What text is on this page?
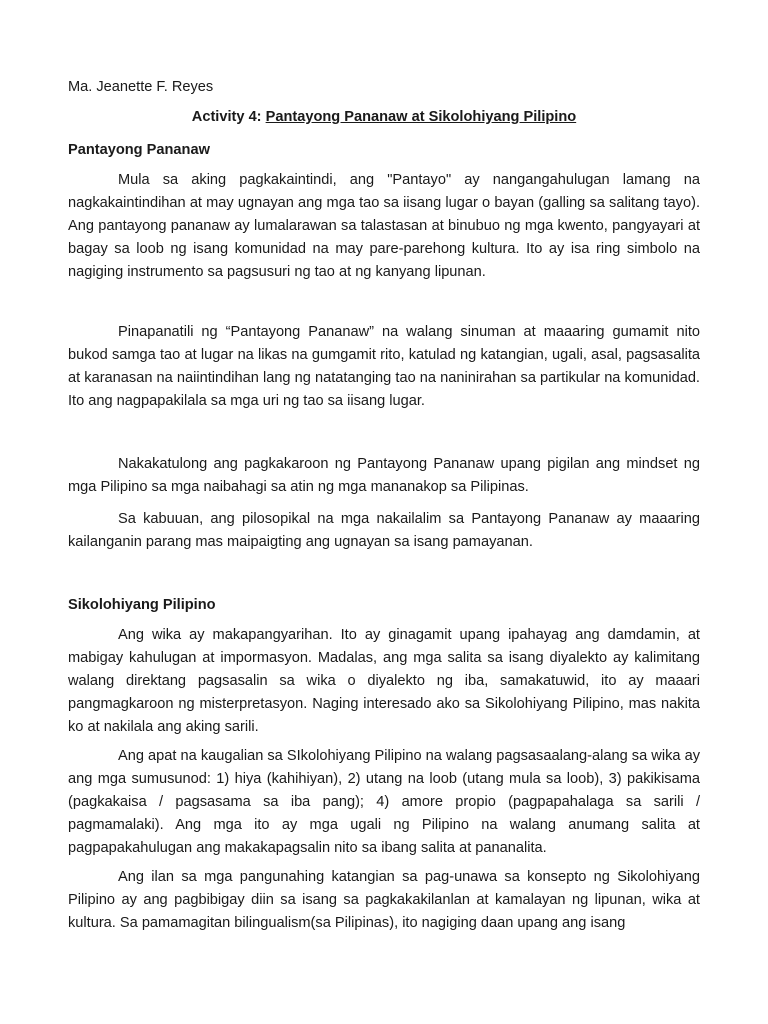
Ma. Jeanette F. Reyes
Activity 4: Pantayong Pananaw at Sikolohiyang Pilipino
Pantayong Pananaw

Mula sa aking pagkakaintindi, ang "Pantayo" ay nangangahulugan lamang na nagkakaintindihan at may ugnayan ang mga tao sa iisang lugar o bayan (galling sa salitang tayo). Ang pantayong pananaw ay lumalarawan sa talastasan at binubuo ng mga kwento, pangyayari at bagay sa loob ng isang komunidad na may pare-parehong kultura. Ito ay isa ring simbolo na nagiging instrumento sa pagsusuri ng tao at ng kanyang lipunan.

Pinapanatili ng “Pantayong Pananaw” na walang sinuman at maaaring gumamit nito bukod samga tao at lugar na likas na gumgamit rito, katulad ng katangian, ugali, asal, pagsasalita at karanasan na naiintindihan lang ng natatanging tao na naninirahan sa partikular na komunidad. Ito ang nagpapakilala sa mga uri ng tao sa iisang lugar.

Nakakatulong ang pagkakaroon ng Pantayong Pananaw upang pigilan ang mindset ng mga Pilipino sa mga naibahagi sa atin ng mga mananakop sa Pilipinas.

Sa kabuuan, ang pilosopikal na mga nakailalim sa Pantayong Pananaw ay maaaring kailanganin parang mas maipaigting ang ugnayan sa isang pamayanan.

Sikolohiyang Pilipino

Ang wika ay makapangyarihan. Ito ay ginagamit upang ipahayag ang damdamin, at mabigay kahulugan at impormasyon. Madalas, ang mga salita sa isang diyalekto ay kalimitang walang direktang pagsasalin sa wika o diyalekto ng iba, samakatuwid, ito ay maaari pangmagkaroon ng misterpretasyon. Naging interesado ako sa Sikolohiyang Pilipino, mas nakita ko at nakilala ang aking sarili.

Ang apat na kaugalian sa SIkolohiyang Pilipino na walang pagsasaalang-alang sa wika ay ang mga sumusunod: 1) hiya (kahihiyan), 2) utang na loob (utang mula sa loob), 3) pakikisama (pagkakaisa / pagsasama sa iba pang); 4) amore propio (pagpapahalaga sa sarili / pagmamalaki). Ang mga ito ay mga ugali ng Pilipino na walang anumang salita at pagpapakahulugan ang makakapagsalin nito sa ibang salita at pananalita.

Ang ilan sa mga pangunahing katangian sa pag-unawa sa konsepto ng Sikolohiyang Pilipino ay ang pagbibigay diin sa isang sa pagkakakilanlan at kamalayan ng lipunan, wika at kultura. Sa pamamagitan bilingualism(sa Pilipinas), ito nagiging daan upang ang isang
